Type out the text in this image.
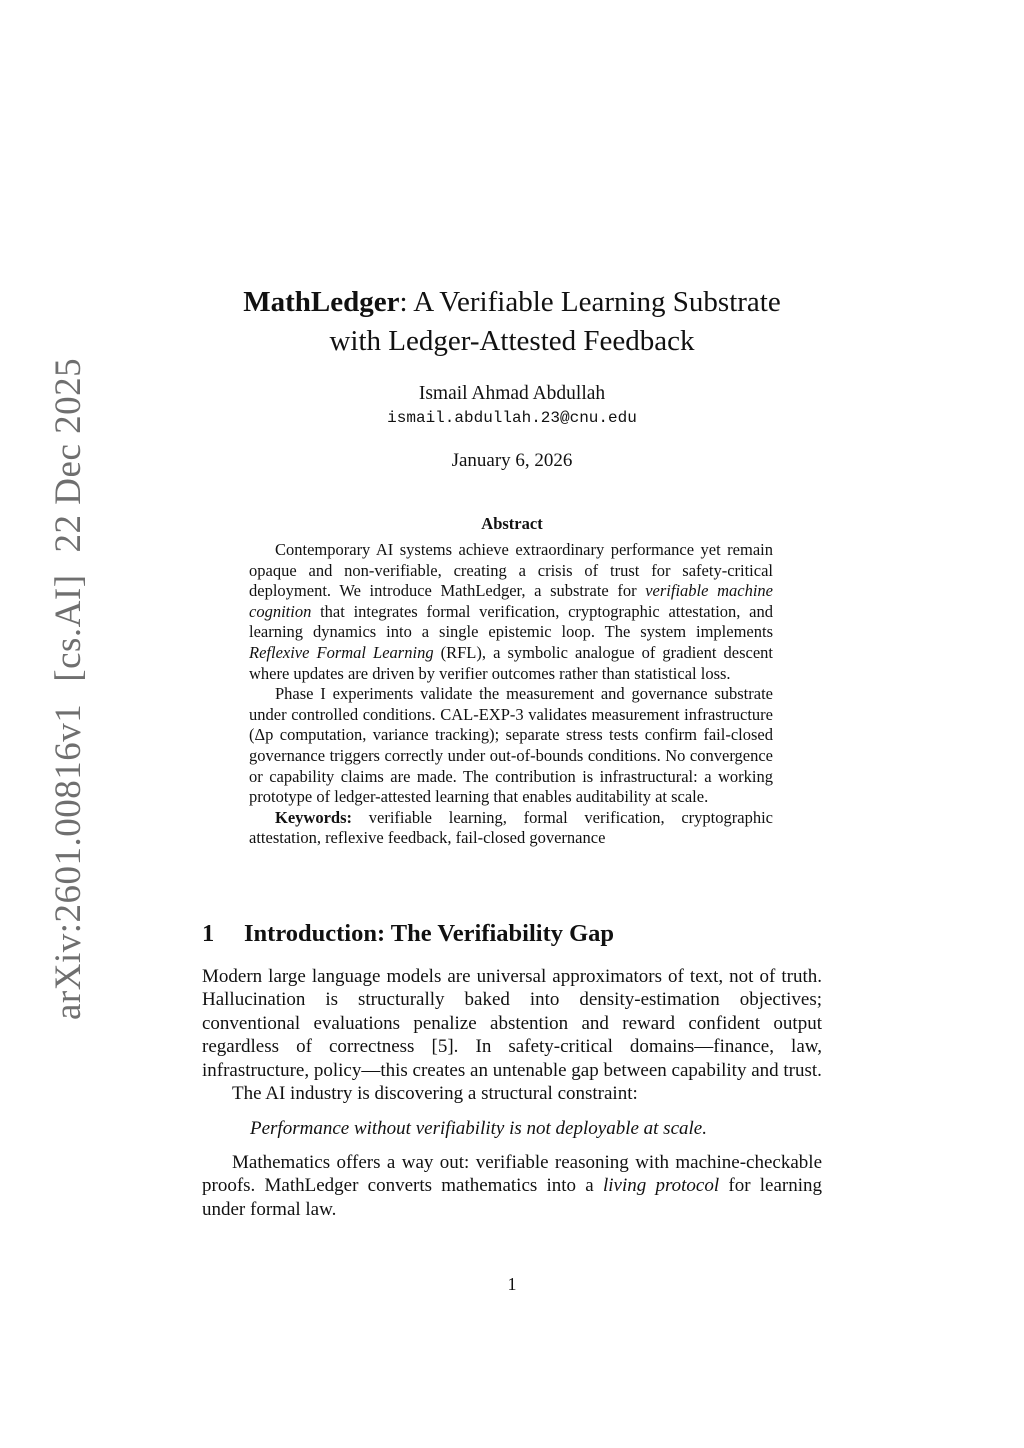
arXiv:2601.00816v1[cs.AI]22 Dec 2025
MathLedger: A Verifiable Learning Substrate
with Ledger-Attested Feedback
Ismail Ahmad Abdullah
ismail.abdullah.23@cnu.edu
January 6, 2026
Abstract

Contemporary AI systems achieve extraordinary performance yet remain opaque and non-verifiable, creating a crisis of trust for safety-critical deployment. We introduce MathLedger, a substrate for verifiable machine cognition that integrates formal verification, cryptographic attestation, and learning dynamics into a single epistemic loop. The system implements Reflexive Formal Learning (RFL), a symbolic analogue of gradient descent where updates are driven by verifier outcomes rather than statistical loss.

Phase I experiments validate the measurement and governance substrate under controlled conditions. CAL-EXP-3 validates measurement infrastructure (Δp computation, variance tracking); separate stress tests confirm fail-closed governance triggers correctly under out-of-bounds conditions. No convergence or capability claims are made. The contribution is infrastructural: a working prototype of ledger-attested learning that enables auditability at scale.

Keywords: verifiable learning, formal verification, cryptographic attestation, reflexive feedback, fail-closed governance

1 Introduction: The Verifiability Gap

Modern large language models are universal approximators of text, not of truth. Hallucination is structurally baked into density-estimation objectives; conventional evaluations penalize abstention and reward confident output regardless of correctness [5]. In safety-critical domains—finance, law, infrastructure, policy—this creates an untenable gap between capability and trust.

The AI industry is discovering a structural constraint:

Performance without verifiability is not deployable at scale.

Mathematics offers a way out: verifiable reasoning with machine-checkable proofs. MathLedger converts mathematics into a living protocol for learning under formal law.

1
